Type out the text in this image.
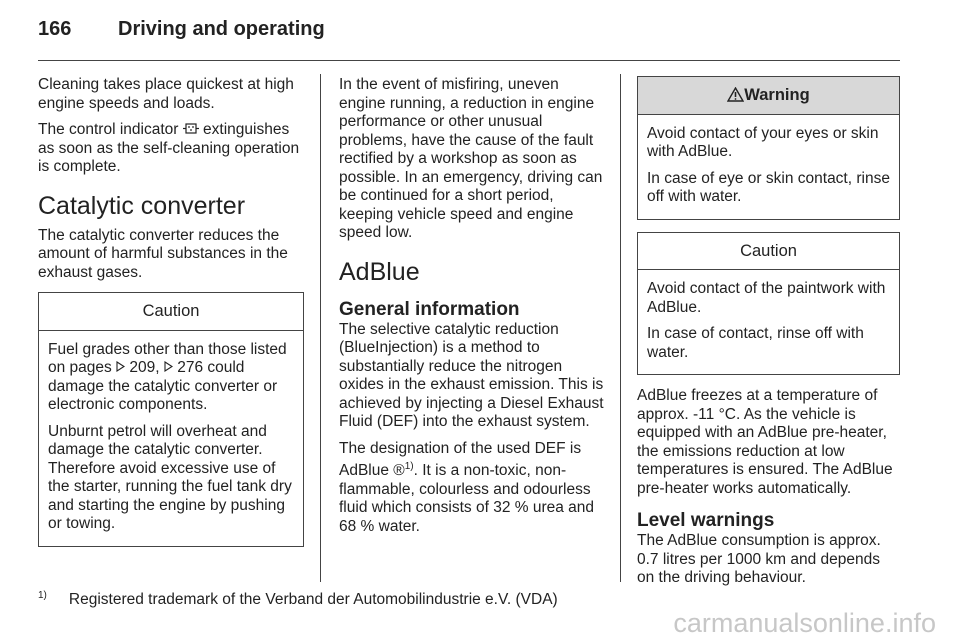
166 Driving and operating

Cleaning takes place quickest at high engine speeds and loads.

The control indicator  extinguishes as soon as the self-cleaning operation is complete.

Catalytic converter

The catalytic converter reduces the amount of harmful substances in the exhaust gases.

Caution

Fuel grades other than those listed on pages  209,  276 could damage the catalytic converter or electronic components.

Unburnt petrol will overheat and damage the catalytic converter. Therefore avoid excessive use of the starter, running the fuel tank dry and starting the engine by pushing or towing.

In the event of misfiring, uneven engine running, a reduction in engine performance or other unusual problems, have the cause of the fault rectified by a workshop as soon as possible. In an emergency, driving can be continued for a short period, keeping vehicle speed and engine speed low.

AdBlue
General information

The selective catalytic reduction (BlueInjection) is a method to substantially reduce the nitrogen oxides in the exhaust emission. This is achieved by injecting a Diesel Exhaust Fluid (DEF) into the exhaust system.

The designation of the used DEF is AdBlue ®$^{1)}$. It is a non-toxic, non-flammable, colourless and odourless fluid which consists of 32 % urea and 68 % water.

Warning

Avoid contact of your eyes or skin with AdBlue.

In case of eye or skin contact, rinse off with water.

Caution

Avoid contact of the paintwork with AdBlue.

In case of contact, rinse off with water.

AdBlue freezes at a temperature of approx. -11 °C. As the vehicle is equipped with an AdBlue pre-heater, the emissions reduction at low temperatures is ensured. The AdBlue pre-heater works automatically.

Level warnings

The AdBlue consumption is approx. 0.7 litres per 1000 km and depends on the driving behaviour.

$^{1)}$ Registered trademark of the Verband der Automobilindustrie e.V. (VDA)
carmanualsonline.info
